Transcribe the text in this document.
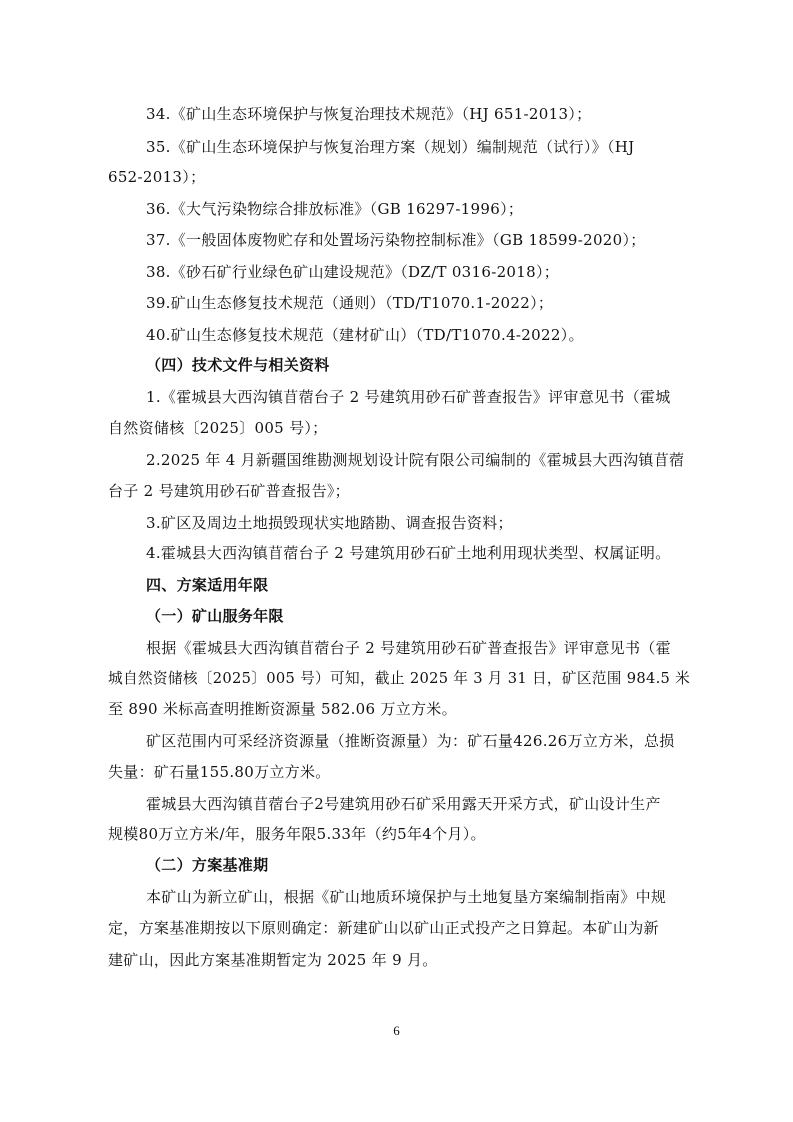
34.《矿山生态环境保护与恢复治理技术规范》（HJ 651-2013）；
35.《矿山生态环境保护与恢复治理方案（规划）编制规范（试行）》（HJ
652-2013）；
36.《大气污染物综合排放标准》（GB 16297-1996）；
37.《一般固体废物贮存和处置场污染物控制标准》（GB 18599-2020）；
38.《砂石矿行业绿色矿山建设规范》（DZ/T 0316-2018）；
39.矿山生态修复技术规范（通则）（TD/T1070.1-2022）；
40.矿山生态修复技术规范（建材矿山）（TD/T1070.4-2022）。
（四）技术文件与相关资料
1.《霍城县大西沟镇苜蓿台子 2 号建筑用砂石矿普查报告》评审意见书（霍城
自然资储核〔2025〕005 号）；
2.2025 年 4 月新疆国维勘测规划设计院有限公司编制的《霍城县大西沟镇苜蓿
台子 2 号建筑用砂石矿普查报告》；
3.矿区及周边土地损毁现状实地踏勘、调查报告资料；
4.霍城县大西沟镇苜蓿台子 2 号建筑用砂石矿土地利用现状类型、权属证明。
四、方案适用年限
（一）矿山服务年限
根据《霍城县大西沟镇苜蓿台子 2 号建筑用砂石矿普查报告》评审意见书（霍
城自然资储核〔2025〕005 号）可知，截止 2025 年 3 月 31 日，矿区范围 984.5 米
至 890 米标高查明推断资源量 582.06 万立方米。
矿区范围内可采经济资源量（推断资源量）为：矿石量426.26万立方米，总损
失量：矿石量155.80万立方米。
霍城县大西沟镇苜蓿台子2号建筑用砂石矿采用露天开采方式，矿山设计生产
规模80万立方米/年，服务年限5.33年（约5年4个月）。
（二）方案基准期
本矿山为新立矿山，根据《矿山地质环境保护与土地复垦方案编制指南》中规
定，方案基准期按以下原则确定：新建矿山以矿山正式投产之日算起。本矿山为新
建矿山，因此方案基准期暂定为 2025 年 9 月。
6
